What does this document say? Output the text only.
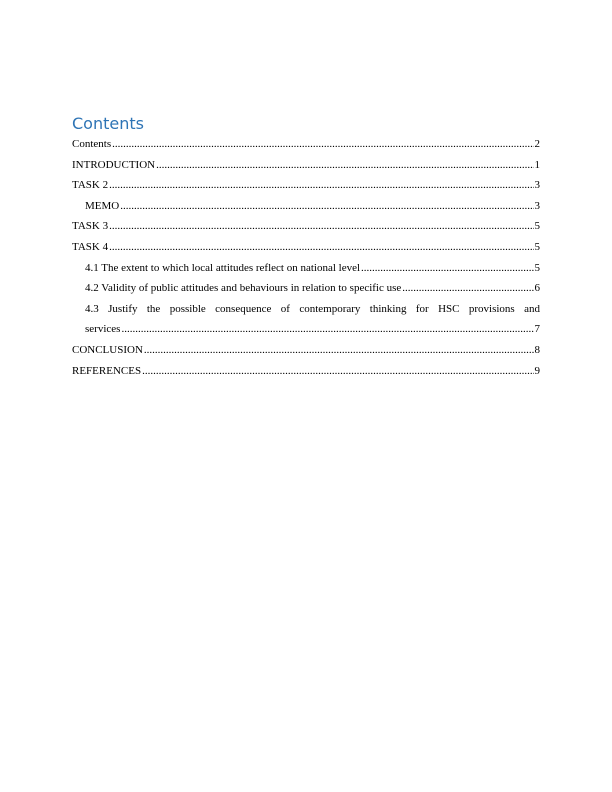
Contents
Contents .....	2
INTRODUCTION .....	1
TASK 2 .....	3
MEMO .....	3
TASK 3 .....	5
TASK 4 .....	5
4.1 The extent to which local attitudes reflect on national level .....	5
4.2 Validity of public attitudes and behaviours in relation to specific use .....	6
4.3 Justify the possible consequence of contemporary thinking for HSC provisions and
services .....	7
CONCLUSION .....	8
REFERENCES .....	9
